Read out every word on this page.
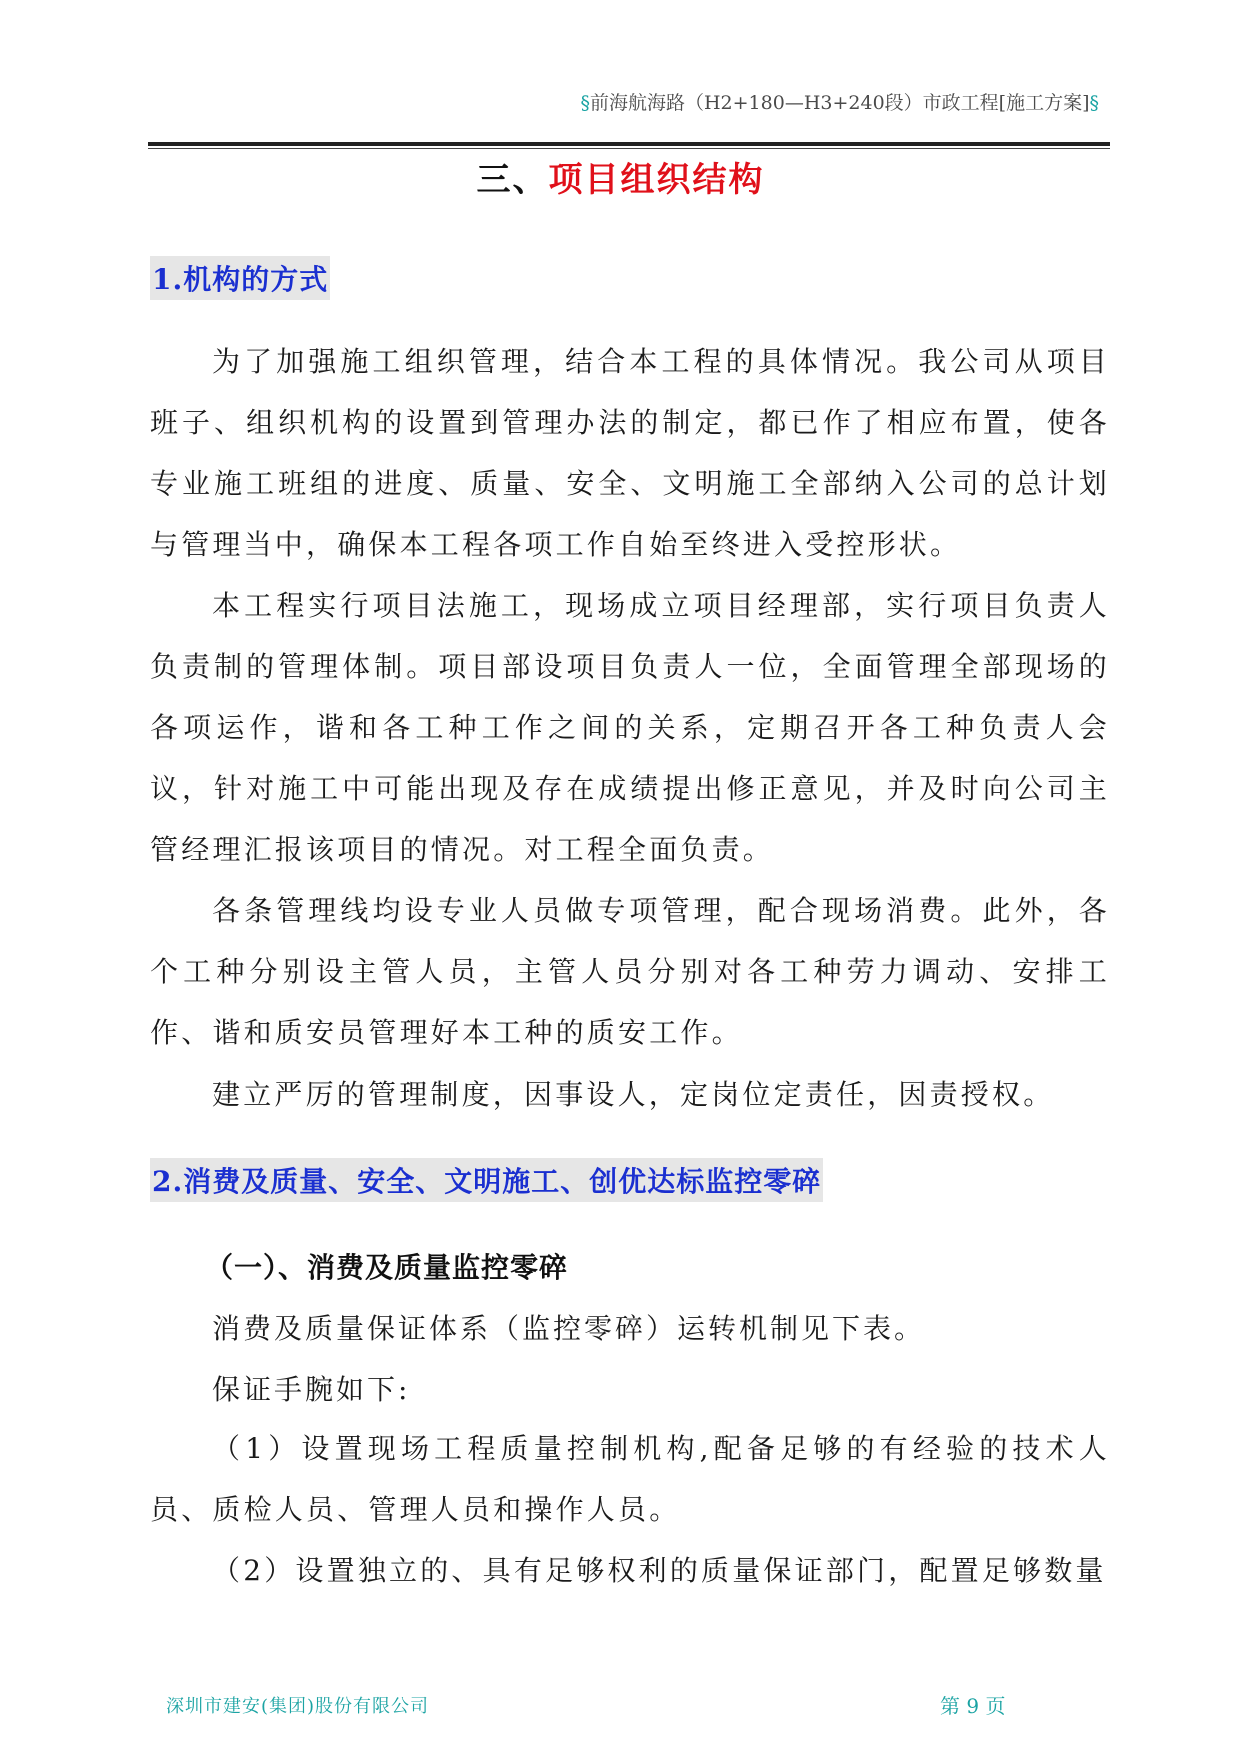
§前海航海路（H2+180—H3+240段）市政工程[施工方案]§
三、项目组织结构
1.机构的方式

为了加强施工组织管理，结合本工程的具体情况。我公司从项目班子、组织机构的设置到管理办法的制定，都已作了相应布置，使各专业施工班组的进度、质量、安全、文明施工全部纳入公司的总计划与管理当中，确保本工程各项工作自始至终进入受控形状。

本工程实行项目法施工，现场成立项目经理部，实行项目负责人负责制的管理体制。项目部设项目负责人一位，全面管理全部现场的各项运作，谐和各工种工作之间的关系，定期召开各工种负责人会议，针对施工中可能出现及存在成绩提出修正意见，并及时向公司主管经理汇报该项目的情况。对工程全面负责。

各条管理线均设专业人员做专项管理，配合现场消费。此外，各个工种分别设主管人员，主管人员分别对各工种劳力调动、安排工作、谐和质安员管理好本工种的质安工作。

建立严厉的管理制度，因事设人，定岗位定责任，因责授权。

2.消费及质量、安全、文明施工、创优达标监控零碎
（一）、消费及质量监控零碎

消费及质量保证体系（监控零碎）运转机制见下表。

保证手腕如下:

（1）设置现场工程质量控制机构,配备足够的有经验的技术人员、质检人员、管理人员和操作人员。

（2）设置独立的、具有足够权利的质量保证部门，配置足够数量

深圳市建安(集团)股份有限公司	第 9 页
